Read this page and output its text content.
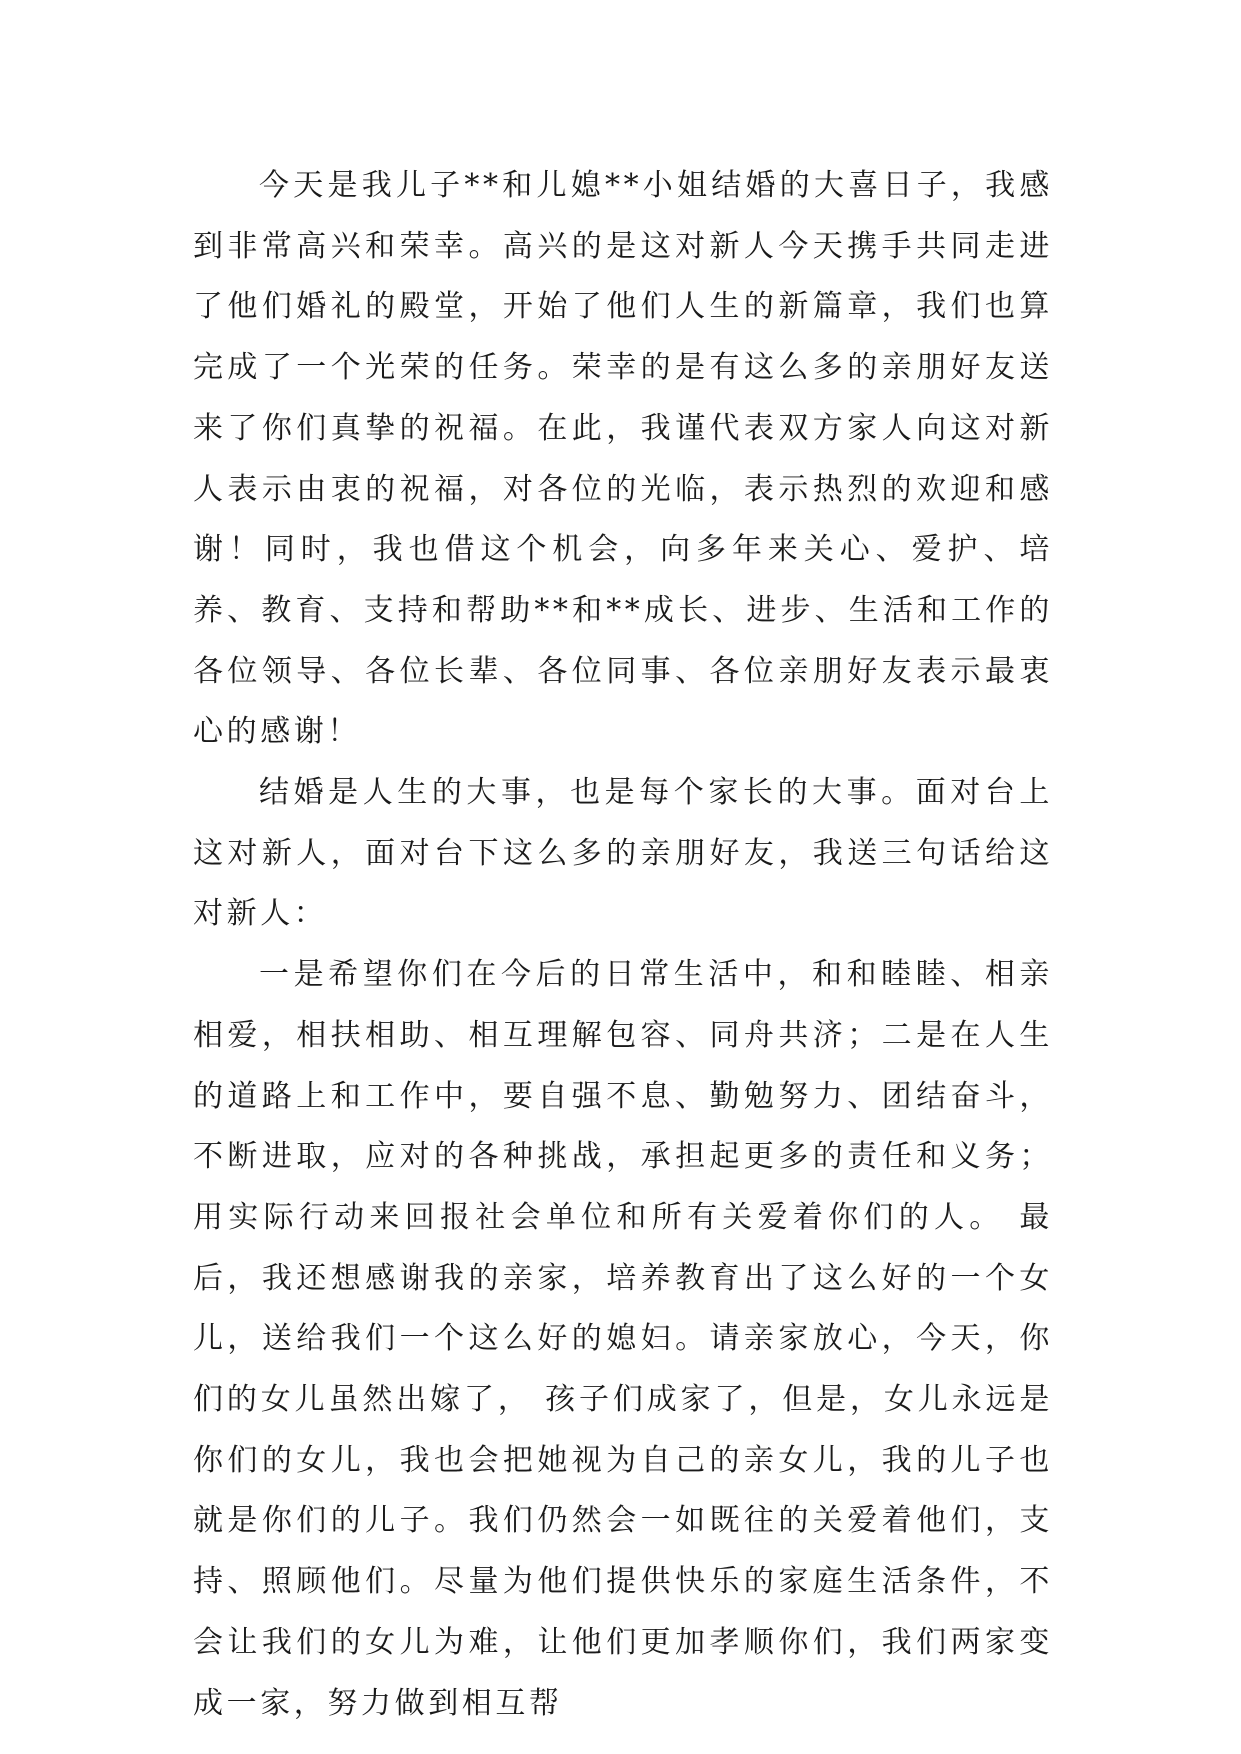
今天是我儿子**和儿媳**小姐结婚的大喜日子，我感到非常高兴和荣幸。高兴的是这对新人今天携手共同走进了他们婚礼的殿堂，开始了他们人生的新篇章，我们也算完成了一个光荣的任务。荣幸的是有这么多的亲朋好友送来了你们真挚的祝福。在此，我谨代表双方家人向这对新人表示由衷的祝福，对各位的光临，表示热烈的欢迎和感谢！同时，我也借这个机会，向多年来关心、爱护、培养、教育、支持和帮助**和**成长、进步、生活和工作的各位领导、各位长辈、各位同事、各位亲朋好友表示最衷心的感谢！

结婚是人生的大事，也是每个家长的大事。面对台上这对新人，面对台下这么多的亲朋好友，我送三句话给这对新人：

一是希望你们在今后的日常生活中，和和睦睦、相亲相爱，相扶相助、相互理解包容、同舟共济；二是在人生的道路上和工作中，要自强不息、勤勉努力、团结奋斗，不断进取，应对的各种挑战，承担起更多的责任和义务；用实际行动来回报社会单位和所有关爱着你们的人。 最后，我还想感谢我的亲家，培养教育出了这么好的一个女儿，送给我们一个这么好的媳妇。请亲家放心，今天，你们的女儿虽然出嫁了， 孩子们成家了，但是，女儿永远是你们的女儿，我也会把她视为自己的亲女儿，我的儿子也就是你们的儿子。我们仍然会一如既往的关爱着他们，支持、照顾他们。尽量为他们提供快乐的家庭生活条件，不会让我们的女儿为难，让他们更加孝顺你们，我们两家变成一家，努力做到相互帮
